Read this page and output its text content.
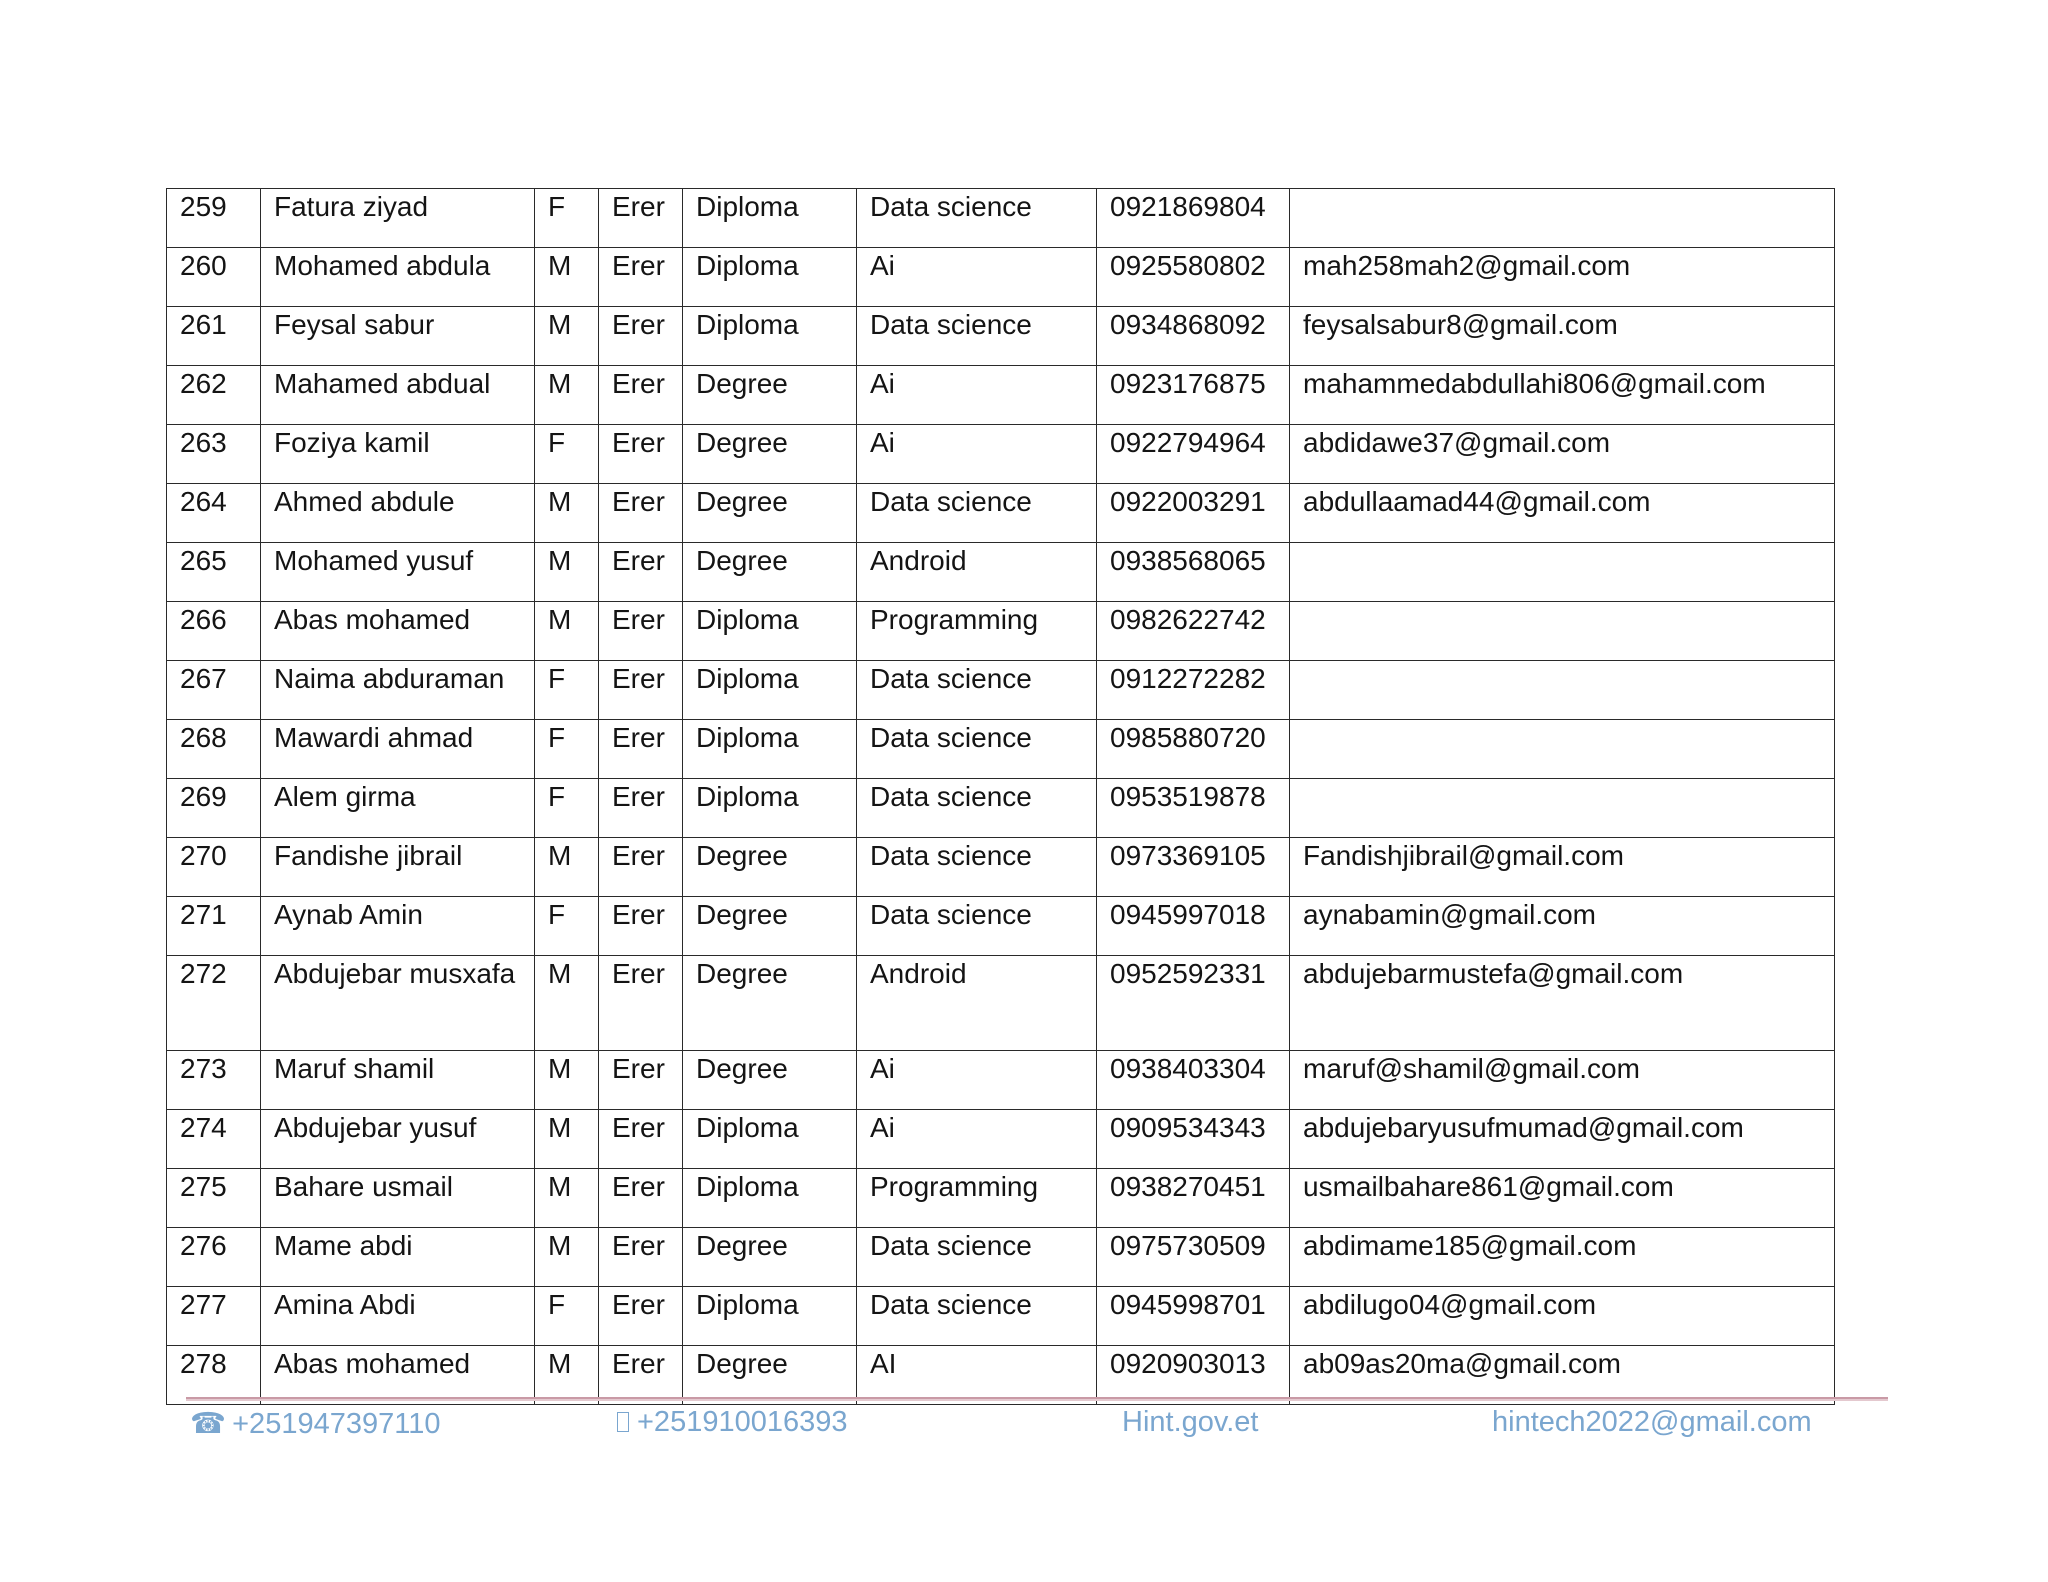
259	Fatura ziyad	F	Erer	Diploma	Data science	0921869804	
260	Mohamed abdula	M	Erer	Diploma	Ai	0925580802	mah258mah2@gmail.com
261	Feysal sabur	M	Erer	Diploma	Data science	0934868092	feysalsabur8@gmail.com
262	Mahamed abdual	M	Erer	Degree	Ai	0923176875	mahammedabdullahi806@gmail.com
263	Foziya kamil	F	Erer	Degree	Ai	0922794964	abdidawe37@gmail.com
264	Ahmed abdule	M	Erer	Degree	Data science	0922003291	abdullaamad44@gmail.com
265	Mohamed yusuf	M	Erer	Degree	Android	0938568065	
266	Abas mohamed	M	Erer	Diploma	Programming	0982622742	
267	Naima abduraman	F	Erer	Diploma	Data science	0912272282	
268	Mawardi ahmad	F	Erer	Diploma	Data science	0985880720	
269	Alem girma	F	Erer	Diploma	Data science	0953519878	
270	Fandishe jibrail	M	Erer	Degree	Data science	0973369105	Fandishjibrail@gmail.com
271	Aynab Amin	F	Erer	Degree	Data science	0945997018	aynabamin@gmail.com
272	Abdujebar musxafa	M	Erer	Degree	Android	0952592331	abdujebarmustefa@gmail.com
273	Maruf shamil	M	Erer	Degree	Ai	0938403304	maruf@shamil@gmail.com
274	Abdujebar yusuf	M	Erer	Diploma	Ai	0909534343	abdujebaryusufmumad@gmail.com
275	Bahare usmail	M	Erer	Diploma	Programming	0938270451	usmailbahare861@gmail.com
276	Mame abdi	M	Erer	Degree	Data science	0975730509	abdimame185@gmail.com
277	Amina Abdi	F	Erer	Diploma	Data science	0945998701	abdilugo04@gmail.com
278	Abas mohamed	M	Erer	Degree	AI	0920903013	ab09as20ma@gmail.com
☎ +251947397110	+251910016393	Hint.gov.et	hintech2022@gmail.com
